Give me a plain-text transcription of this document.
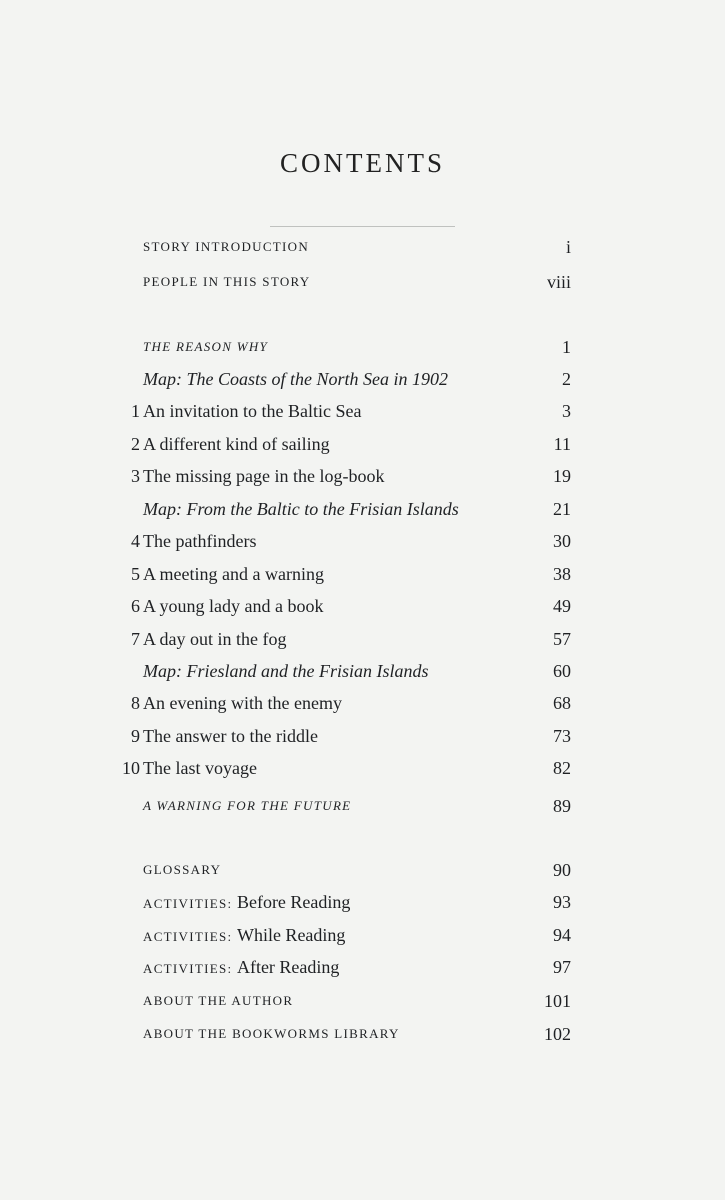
CONTENTS
STORY INTRODUCTION	i
PEOPLE IN THIS STORY	viii
THE REASON WHY	1
Map: The Coasts of the North Sea in 1902	2
1 An invitation to the Baltic Sea	3
2 A different kind of sailing	11
3 The missing page in the log-book	19
Map: From the Baltic to the Frisian Islands	21
4 The pathfinders	30
5 A meeting and a warning	38
6 A young lady and a book	49
7 A day out in the fog	57
Map: Friesland and the Frisian Islands	60
8 An evening with the enemy	68
9 The answer to the riddle	73
10 The last voyage	82
A WARNING FOR THE FUTURE	89
GLOSSARY	90
ACTIVITIES: Before Reading	93
ACTIVITIES: While Reading	94
ACTIVITIES: After Reading	97
ABOUT THE AUTHOR	101
ABOUT THE BOOKWORMS LIBRARY	102
